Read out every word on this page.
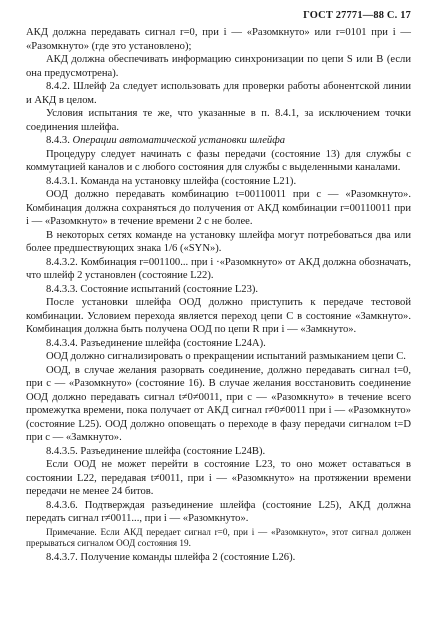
ГОСТ 27771—88 С. 17

АКД должна передавать сигнал r=0, при i — «Разомкнуто» или r=0101 при i — «Разомкнуто» (где это установлено);

АКД должна обеспечивать информацию синхронизации по цепи S или B (если она предусмотрена).

8.4.2. Шлейф 2а следует использовать для проверки работы абонентской линии и АКД в целом.

Условия испытания те же, что указанные в п. 8.4.1, за исключением точки соединения шлейфа.

8.4.3. Операции автоматической установки шлейфа

Процедуру следует начинать с фазы передачи (состояние 13) для службы с коммутацией каналов и с любого состояния для службы с выделенными каналами.

8.4.3.1. Команда на установку шлейфа (состояние L21).

ООД должно передавать комбинацию t=00110011 при c — «Разомкнуто». Комбинация должна сохраняться до получения от АКД комбинации r=00110011 при i — «Разомкнуто» в течение времени 2 с не более.

В некоторых сетях команде на установку шлейфа могут потребоваться два или более предшествующих знака 1/6 («SYN»).

8.4.3.2. Комбинация r=001100... при i ·«Разомкнуто» от АКД должна обозначать, что шлейф 2 установлен (состояние L22).

8.4.3.3. Состояние испытаний (состояние L23).

После установки шлейфа ООД должно приступить к передаче тестовой комбинации. Условием перехода является переход цепи С в состояние «Замкнуто». Комбинация должна быть получена ООД по цепи R при i — «Замкнуто».

8.4.3.4. Разъединение шлейфа (состояние L24A).

ООД должно сигнализировать о прекращении испытаний размыканием цепи С.

ООД, в случае желания разорвать соединение, должно передавать сигнал t=0, при c — «Разомкнуто» (состояние 16). В случае желания восстановить соединение ООД должно передавать сигнал t≠0≠0011, при c — «Разомкнуто» в течение всего промежутка времени, пока получает от АКД сигнал r≠0≠0011 при i — «Разомкнуто» (состояние L25). ООД должно оповещать о переходе в фазу передачи сигналом t=D при c — «Замкнуто».

8.4.3.5. Разъединение шлейфа (состояние L24B).

Если ООД не может перейти в состояние L23, то оно может оставаться в состоянии L22, передавая t≠0011, при i — «Разомкнуто» на протяжении времени передачи не менее 24 битов.

8.4.3.6. Подтверждая разъединение шлейфа (состояние L25), АКД должна передать сигнал r≠0011..., при i — «Разомкнуто».

Примечание. Если АКД передает сигнал r=0, при i — «Разомкнуто», этот сигнал должен прерываться сигналом ООД состояния 19.

8.4.3.7. Получение команды шлейфа 2 (состояние L26).
